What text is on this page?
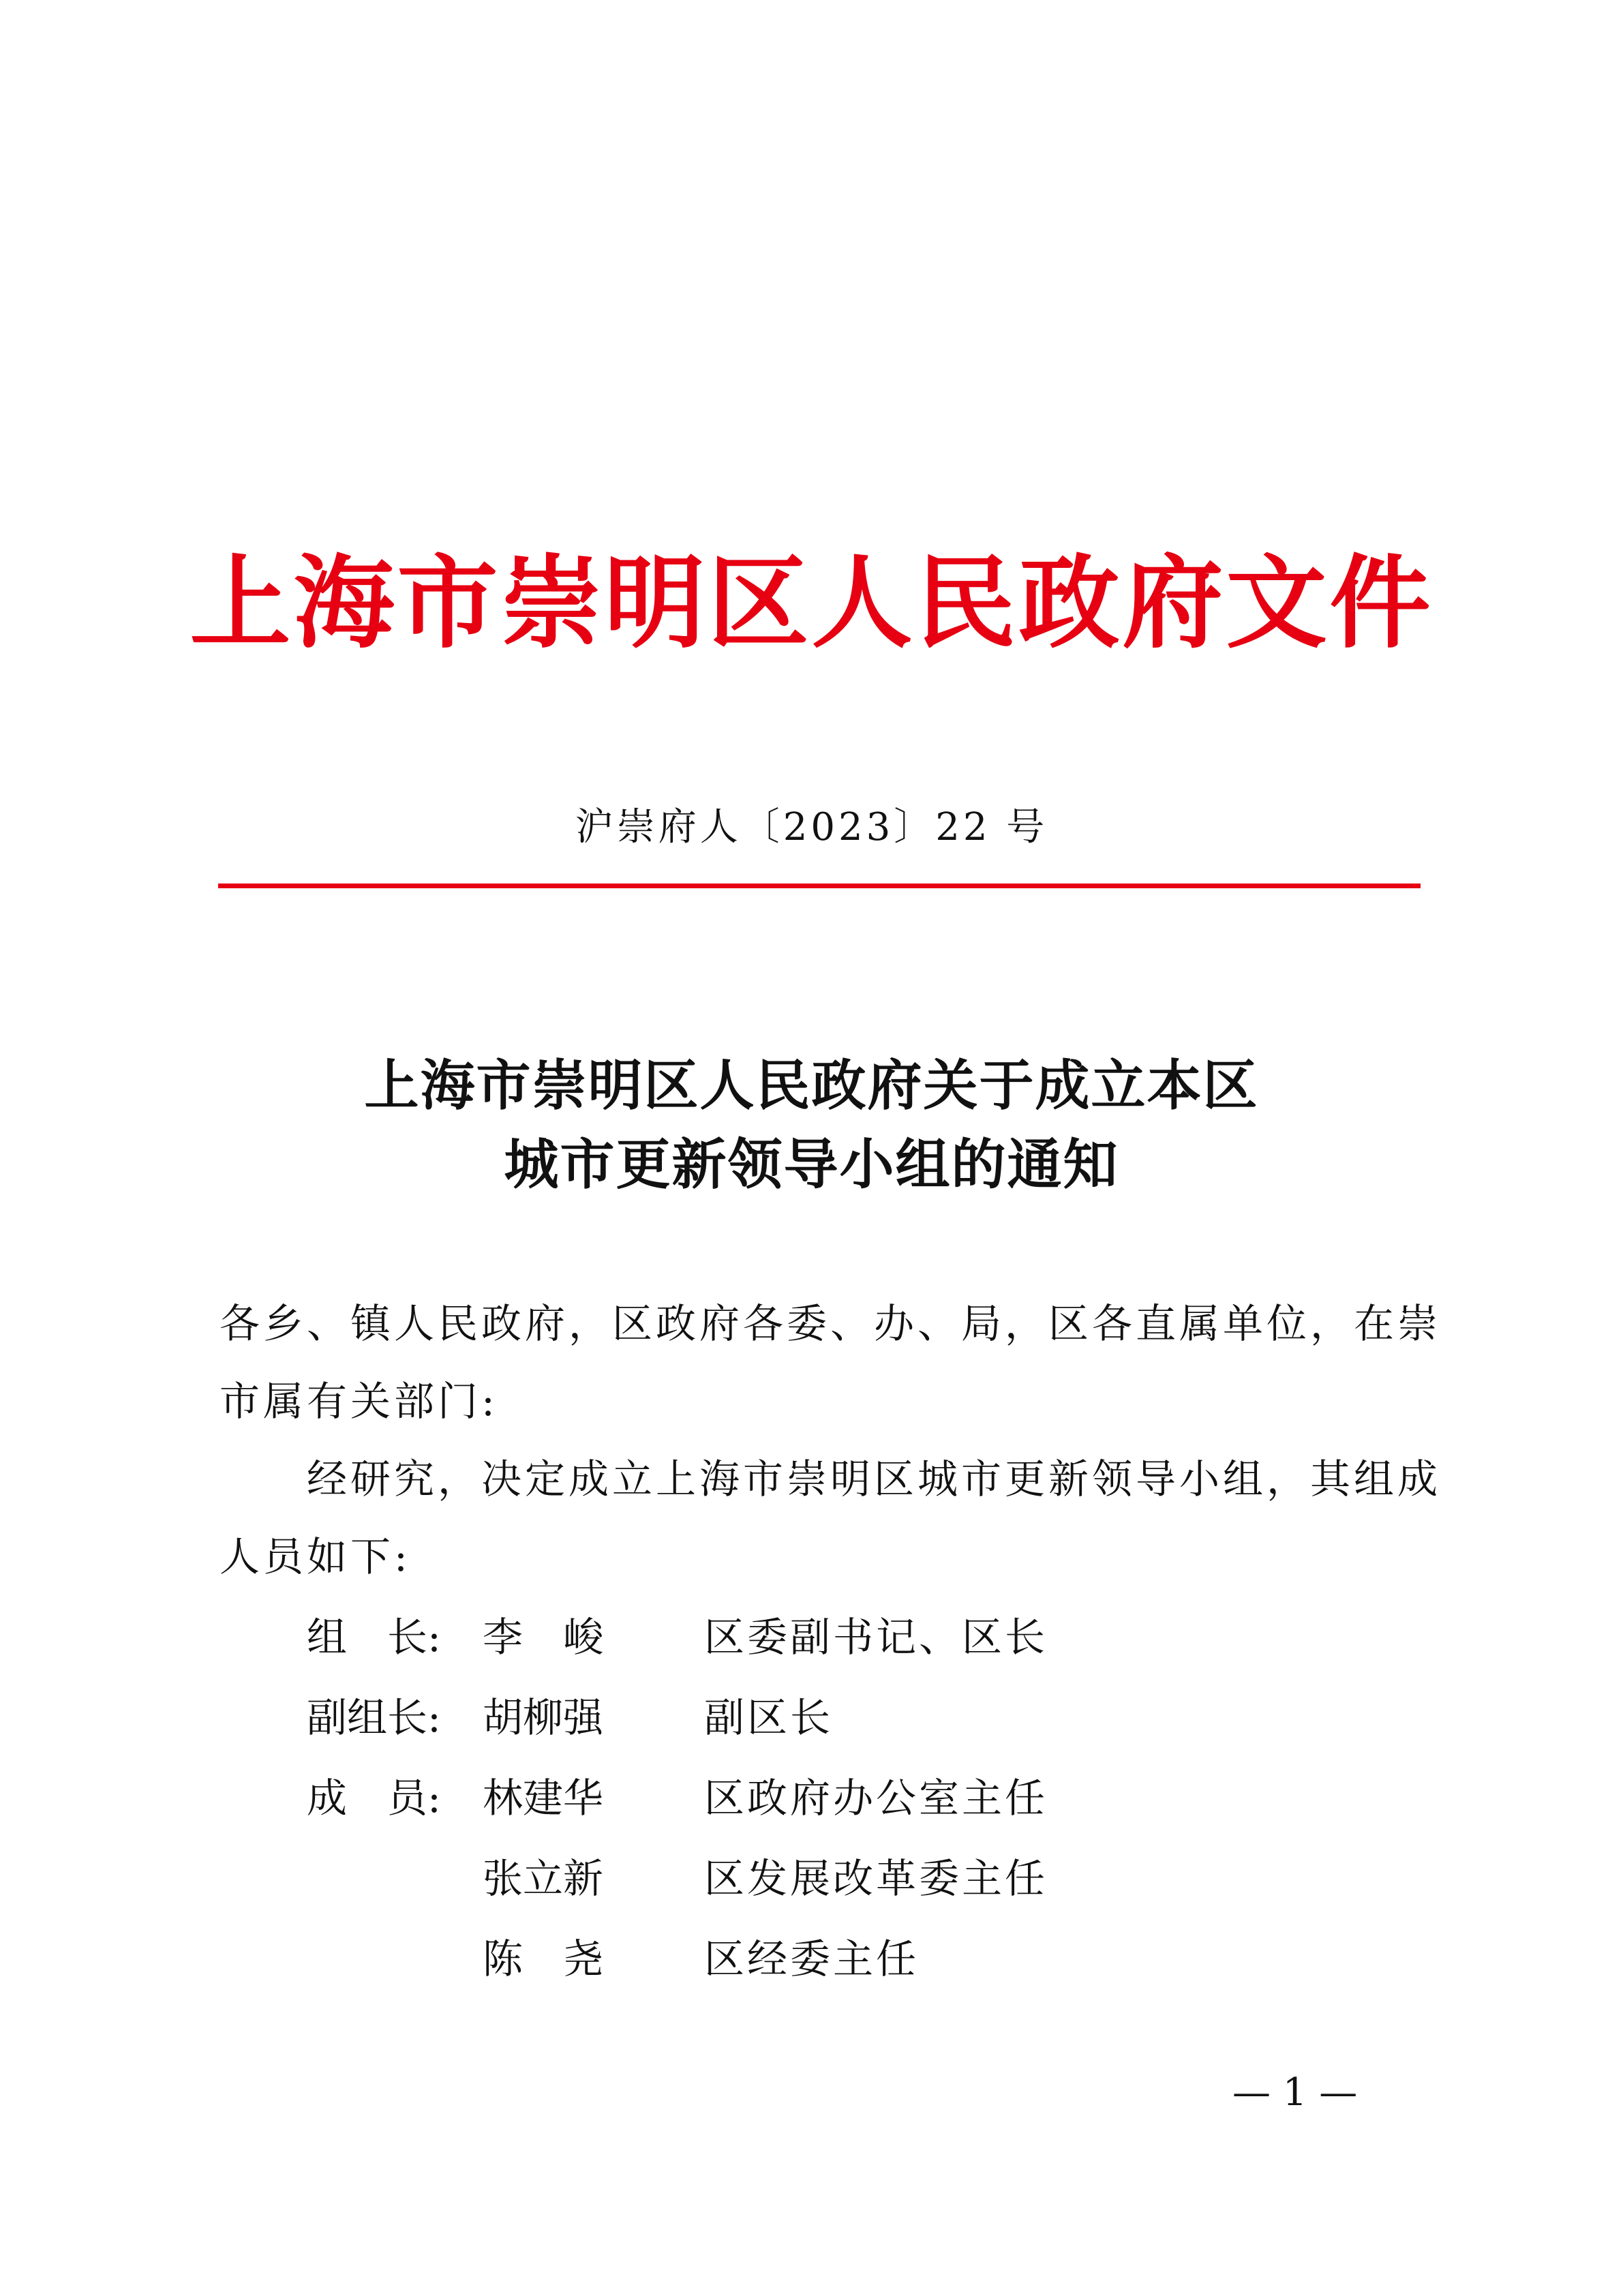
上海市崇明区人民政府文件
沪崇府人〔2023〕22 号
上海市崇明区人民政府关于成立本区
城市更新领导小组的通知
各乡、镇人民政府，区政府各委、办、局，区各直属单位，在崇
市属有关部门:
经研究，决定成立上海市崇明区城市更新领导小组，其组成
人员如下:
组　长: 李　峻	区委副书记、区长
副组长: 胡柳强	副区长
成　员: 林建华	区政府办公室主任
张立新	区发展改革委主任
陈　尧	区经委主任
— 1 —
